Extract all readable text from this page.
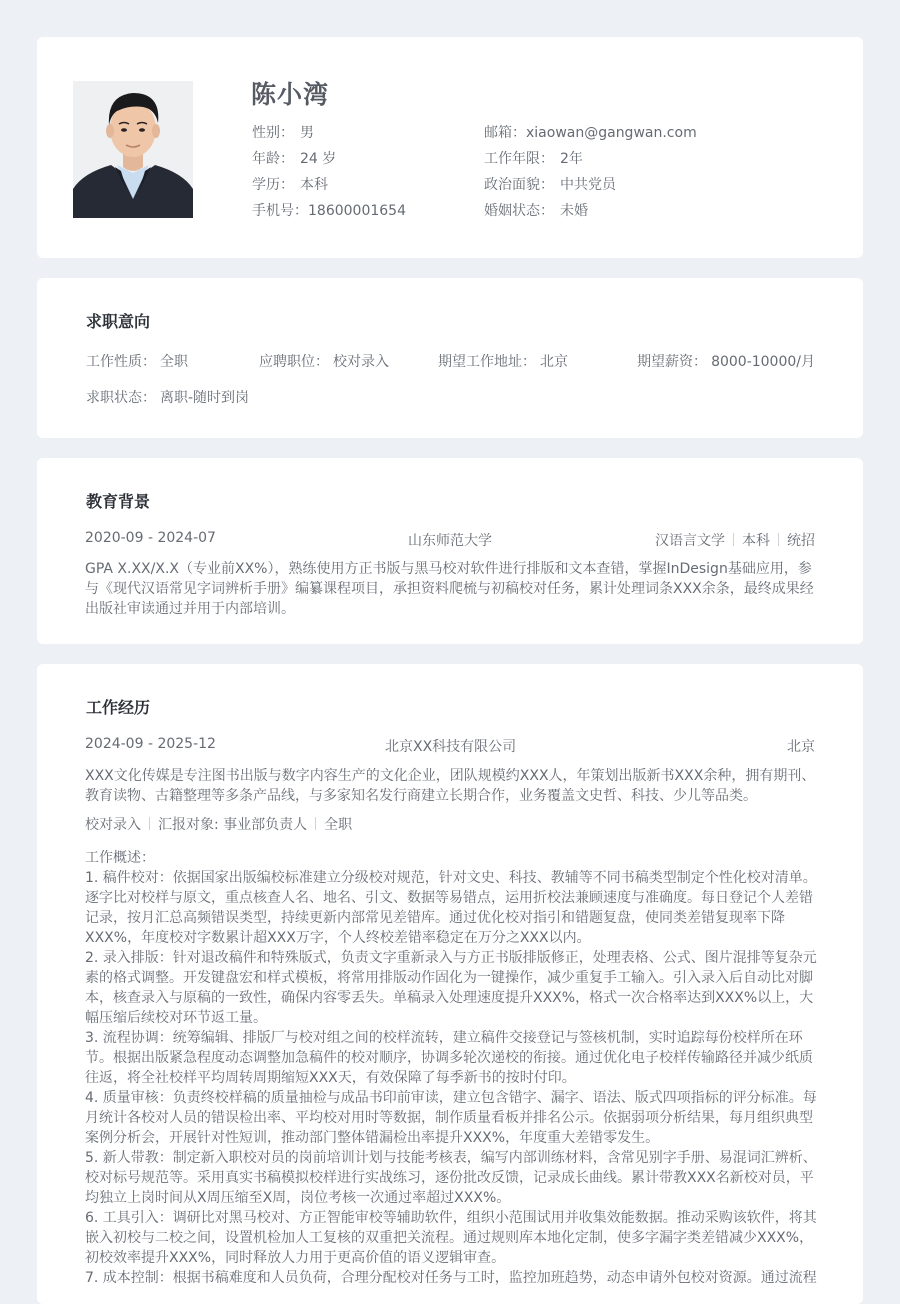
陈小湾
性别： 男
年龄： 24 岁
学历： 本科
手机号：18600001654
邮箱：xiaowan@gangwan.com
工作年限： 2年
政治面貌： 中共党员
婚姻状态： 未婚
求职意向
工作性质： 全职	应聘职位： 校对录入	期望工作地址： 北京	期望薪资： 8000-10000/月
求职状态： 离职-随时到岗
教育背景
2020-09 - 2024-07	山东师范大学	汉语言文学 本科 统招

GPA X.XX/X.X（专业前XX%），熟练使用方正书版与黑马校对软件进行排版和文本查错，掌握InDesign基础应用，参与《现代汉语常见字词辨析手册》编纂课程项目，承担资料爬梳与初稿校对任务，累计处理词条XXX余条，最终成果经出版社审读通过并用于内部培训。

工作经历
2024-09 - 2025-12	北京XX科技有限公司	北京

XXX文化传媒是专注图书出版与数字内容生产的文化企业，团队规模约XXX人，年策划出版新书XXX余种，拥有期刊、教育读物、古籍整理等多条产品线，与多家知名发行商建立长期合作，业务覆盖文史哲、科技、少儿等品类。

校对录入 汇报对象: 事业部负责人 全职

工作概述：

1. 稿件校对：依据国家出版编校标准建立分级校对规范，针对文史、科技、教辅等不同书稿类型制定个性化校对清单。逐字比对校样与原文，重点核查人名、地名、引文、数据等易错点，运用折校法兼顾速度与准确度。每日登记个人差错记录，按月汇总高频错误类型，持续更新内部常见差错库。通过优化校对指引和错题复盘，使同类差错复现率下降XXX%，年度校对字数累计超XXX万字，个人终校差错率稳定在万分之XXX以内。

2. 录入排版：针对退改稿件和特殊版式，负责文字重新录入与方正书版排版修正，处理表格、公式、图片混排等复杂元素的格式调整。开发键盘宏和样式模板，将常用排版动作固化为一键操作，减少重复手工输入。引入录入后自动比对脚本，核查录入与原稿的一致性，确保内容零丢失。单稿录入处理速度提升XXX%，格式一次合格率达到XXX%以上，大幅压缩后续校对环节返工量。

3. 流程协调：统筹编辑、排版厂与校对组之间的校样流转，建立稿件交接登记与签核机制，实时追踪每份校样所在环节。根据出版紧急程度动态调整加急稿件的校对顺序，协调多轮次递校的衔接。通过优化电子校样传输路径并减少纸质往返，将全社校样平均周转周期缩短XXX天，有效保障了每季新书的按时付印。

4. 质量审核：负责终校样稿的质量抽检与成品书印前审读，建立包含错字、漏字、语法、版式四项指标的评分标准。每月统计各校对人员的错误检出率、平均校对用时等数据，制作质量看板并排名公示。依据弱项分析结果，每月组织典型案例分析会，开展针对性短训，推动部门整体错漏检出率提升XXX%，年度重大差错零发生。

5. 新人带教：制定新入职校对员的岗前培训计划与技能考核表，编写内部训练材料，含常见别字手册、易混词汇辨析、校对标号规范等。采用真实书稿模拟校样进行实战练习，逐份批改反馈，记录成长曲线。累计带教XXX名新校对员，平均独立上岗时间从X周压缩至X周，岗位考核一次通过率超过XXX%。

6. 工具引入：调研比对黑马校对、方正智能审校等辅助软件，组织小范围试用并收集效能数据。推动采购该软件，将其嵌入初校与二校之间，设置机检加人工复核的双重把关流程。通过规则库本地化定制，使多字漏字类差错减少XXX%，初校效率提升XXX%，同时释放人力用于更高价值的语义逻辑审查。

7. 成本控制：根据书稿难度和人员负荷，合理分配校对任务与工时，监控加班趋势，动态申请外包校对资源。通过流程
